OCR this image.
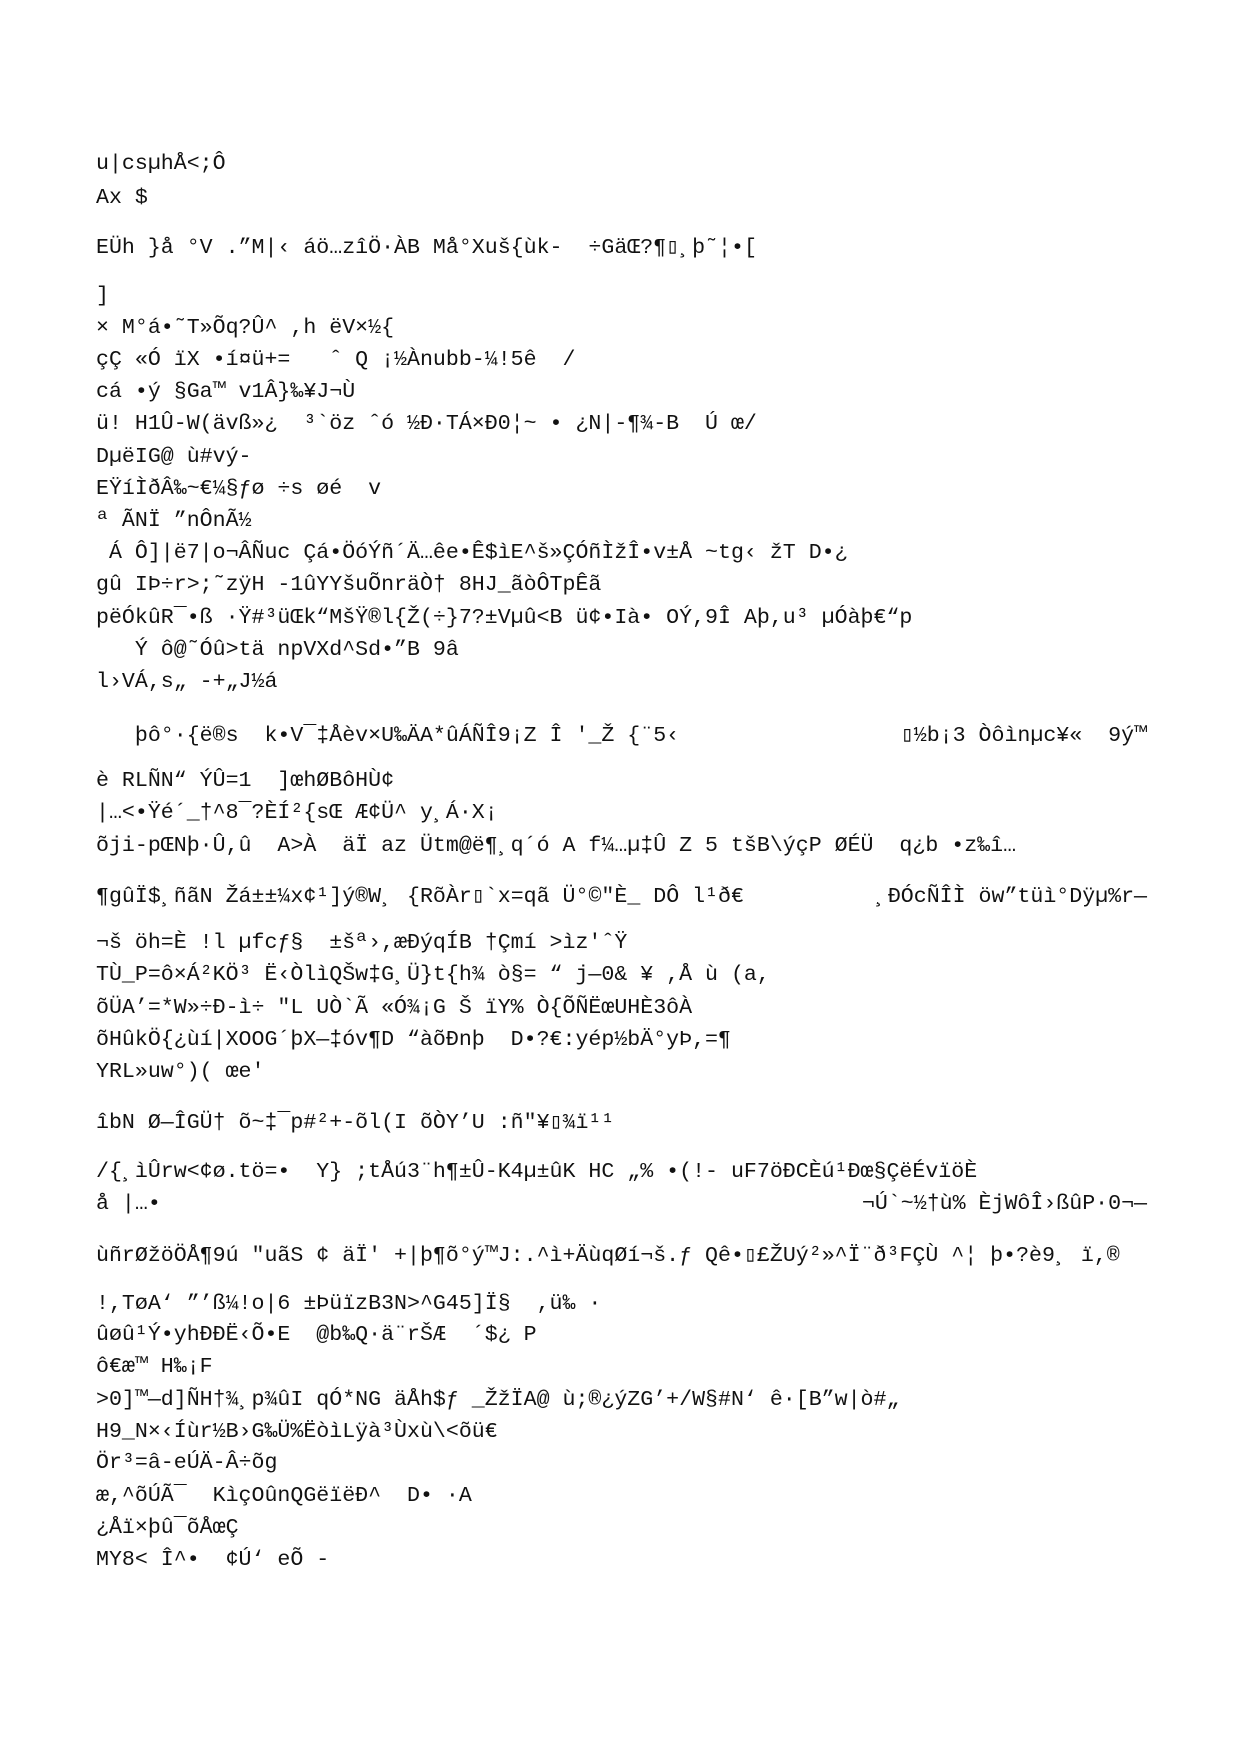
u|csµhÅ<;Ô
Ax $
EÜh }å °V .”M|‹ áö…zîÖ·ÀB Må°Xuš{ùk-  ÷GäŒ?¶▯¸þ˜¦•[
]
× M°á•˜T»Õq?Û^ ,h ëV×½{
çÇ «Ó ïX •í¤ü+=   ˆ Q ¡½Ànubb-¼!5ê  /
cá •ý §Ga™ v1Â}‰¥J¬Ù
ü! H1Û-W(ävß»¿  ³`öz ˆó ½Ð·TÁ×Ð0¦~ • ¿N|-¶¾-B  Ú œ/
DµëIG@ ù#vý-
EŸíÌðÂ‰~€¼§ƒø ÷s øé  v
ª ÃNÏ ”nÔnÃ½
Á Ô]|ë7|o¬ÂÑuc Çá•ÖóÝñ´Ä…êe•Ê$ìE^š»ÇÓñÌžÎ•v±Å ~tg‹ žT D•¿
gû IÞ÷r>;˜zÿH -1ûYYšuÕnräÒ† 8HJ_ãòÔTpÊã
pëÓkûR¯•ß ·Ÿ#³üŒk“MšŸ®l{Ž(÷}7?±Vµû<B ü¢•Ià• OÝ,9Î Aþ,u³ µÓàþ€“p
Ý ô@˜Óû>tä npVXd^Sd•”B 9â
l›VÁ,s„ -+„J½á
þô°·{ë®s  k•V¯‡Åèv×U‰ÄA*ûÁÑÎ9¡Z Î '_Ž {¨5‹	▯½b¡3 Òôìnµc¥«  9ý™
è RLÑN“ ÝÛ=1  ]œhØBôHÙ¢
|…<•Ÿé´_†^8¯?ÈÍ²{sŒ Æ¢Ü^ y¸Á·X¡
õji-pŒNþ·Û,û  A>À  äÏ az Ütm@ë¶¸q´ó A f¼…µ‡Û Z 5 tšB\ýçP ØÉÜ  q¿b •z‰î…
¶gûÏ$¸ñãN Žá±±¼x¢¹]ý®W¸ {RõÀr▯`x=qã Ü°©"È_ DÔ l¹ð€	¸ÐÓcÑÎÌ öw”tüì°Dÿµ%r—
¬š öh=È !l µfcƒ§  ±šª›,æÐýqÍB †Çmí >ìz'ˆŸ
TÙ_P=ô×Á²KÖ³ Ë‹ÒlìQŠw‡G¸Ü}t{h¾ ò§= “ j—0& ¥ ,Å ù (a,
õÜA’=*W»÷Ð-ì÷ "L UÒ`Ã «Ó¾¡G Š ïY% Ò{ÕÑËœUHÈ3ôÀ
õHûkÖ{¿ùí|XOOG´þX—‡óv¶D “àõÐnþ  D•?€:yép½bÄ°yÞ,=¶
YRL»uw°)( œe'
îbN Ø—ÎGÜ† õ~‡¯p#²+-õl(I õÒY’U :ñ"¥▯¾ï¹¹
/{¸ìÛrw<¢ø.tö=•  Y} ;tÅú3¨h¶±Û-K4µ±ûK HC „% •(!- uF7öÐCÈú¹Ðœ§ÇëÉvïöÈ
å |…•	¬Ú`~½†ù% ÈjWôÎ›ßûP·0¬—
ùñrØžöÖÅ¶9ú "uãS ¢ äÏ' +|þ¶õ°ý™J:.^ì+ÄùqØí¬š.ƒ Qê•▯£ŽUý²»^Ï¨ð³FÇÙ ^¦ þ•?è9¸ ï,®
!,TøA‘ ”’ß¼!o|6 ±ÞüïzB3N>^G45]Ï§  ,ü‰ ·
ûøû¹Ý•yhÐÐË‹Õ•E  @b‰Q·ä¨rŠÆ  ´$¿ P
ô€æ™ H‰¡F
>0]™—d]ÑH†¾¸p¾ûI qÓ*NG äÅh$ƒ _ŽžÏA@ ù;®¿ýZG’+/W§#N‘ ê·[B”w|ò#„
H9_N×‹Íùr½B›G‰Ü%ËòìLÿà³Ùxù\<õü€
Ör³=â-eÚÄ-Â÷õg
æ,^õÚÃ¯  KìçOûnQGëïëÐ^  D• ·A
¿Åï×þû¯õÅœÇ
MY8< Î^•  ¢Ú‘ eÕ -
